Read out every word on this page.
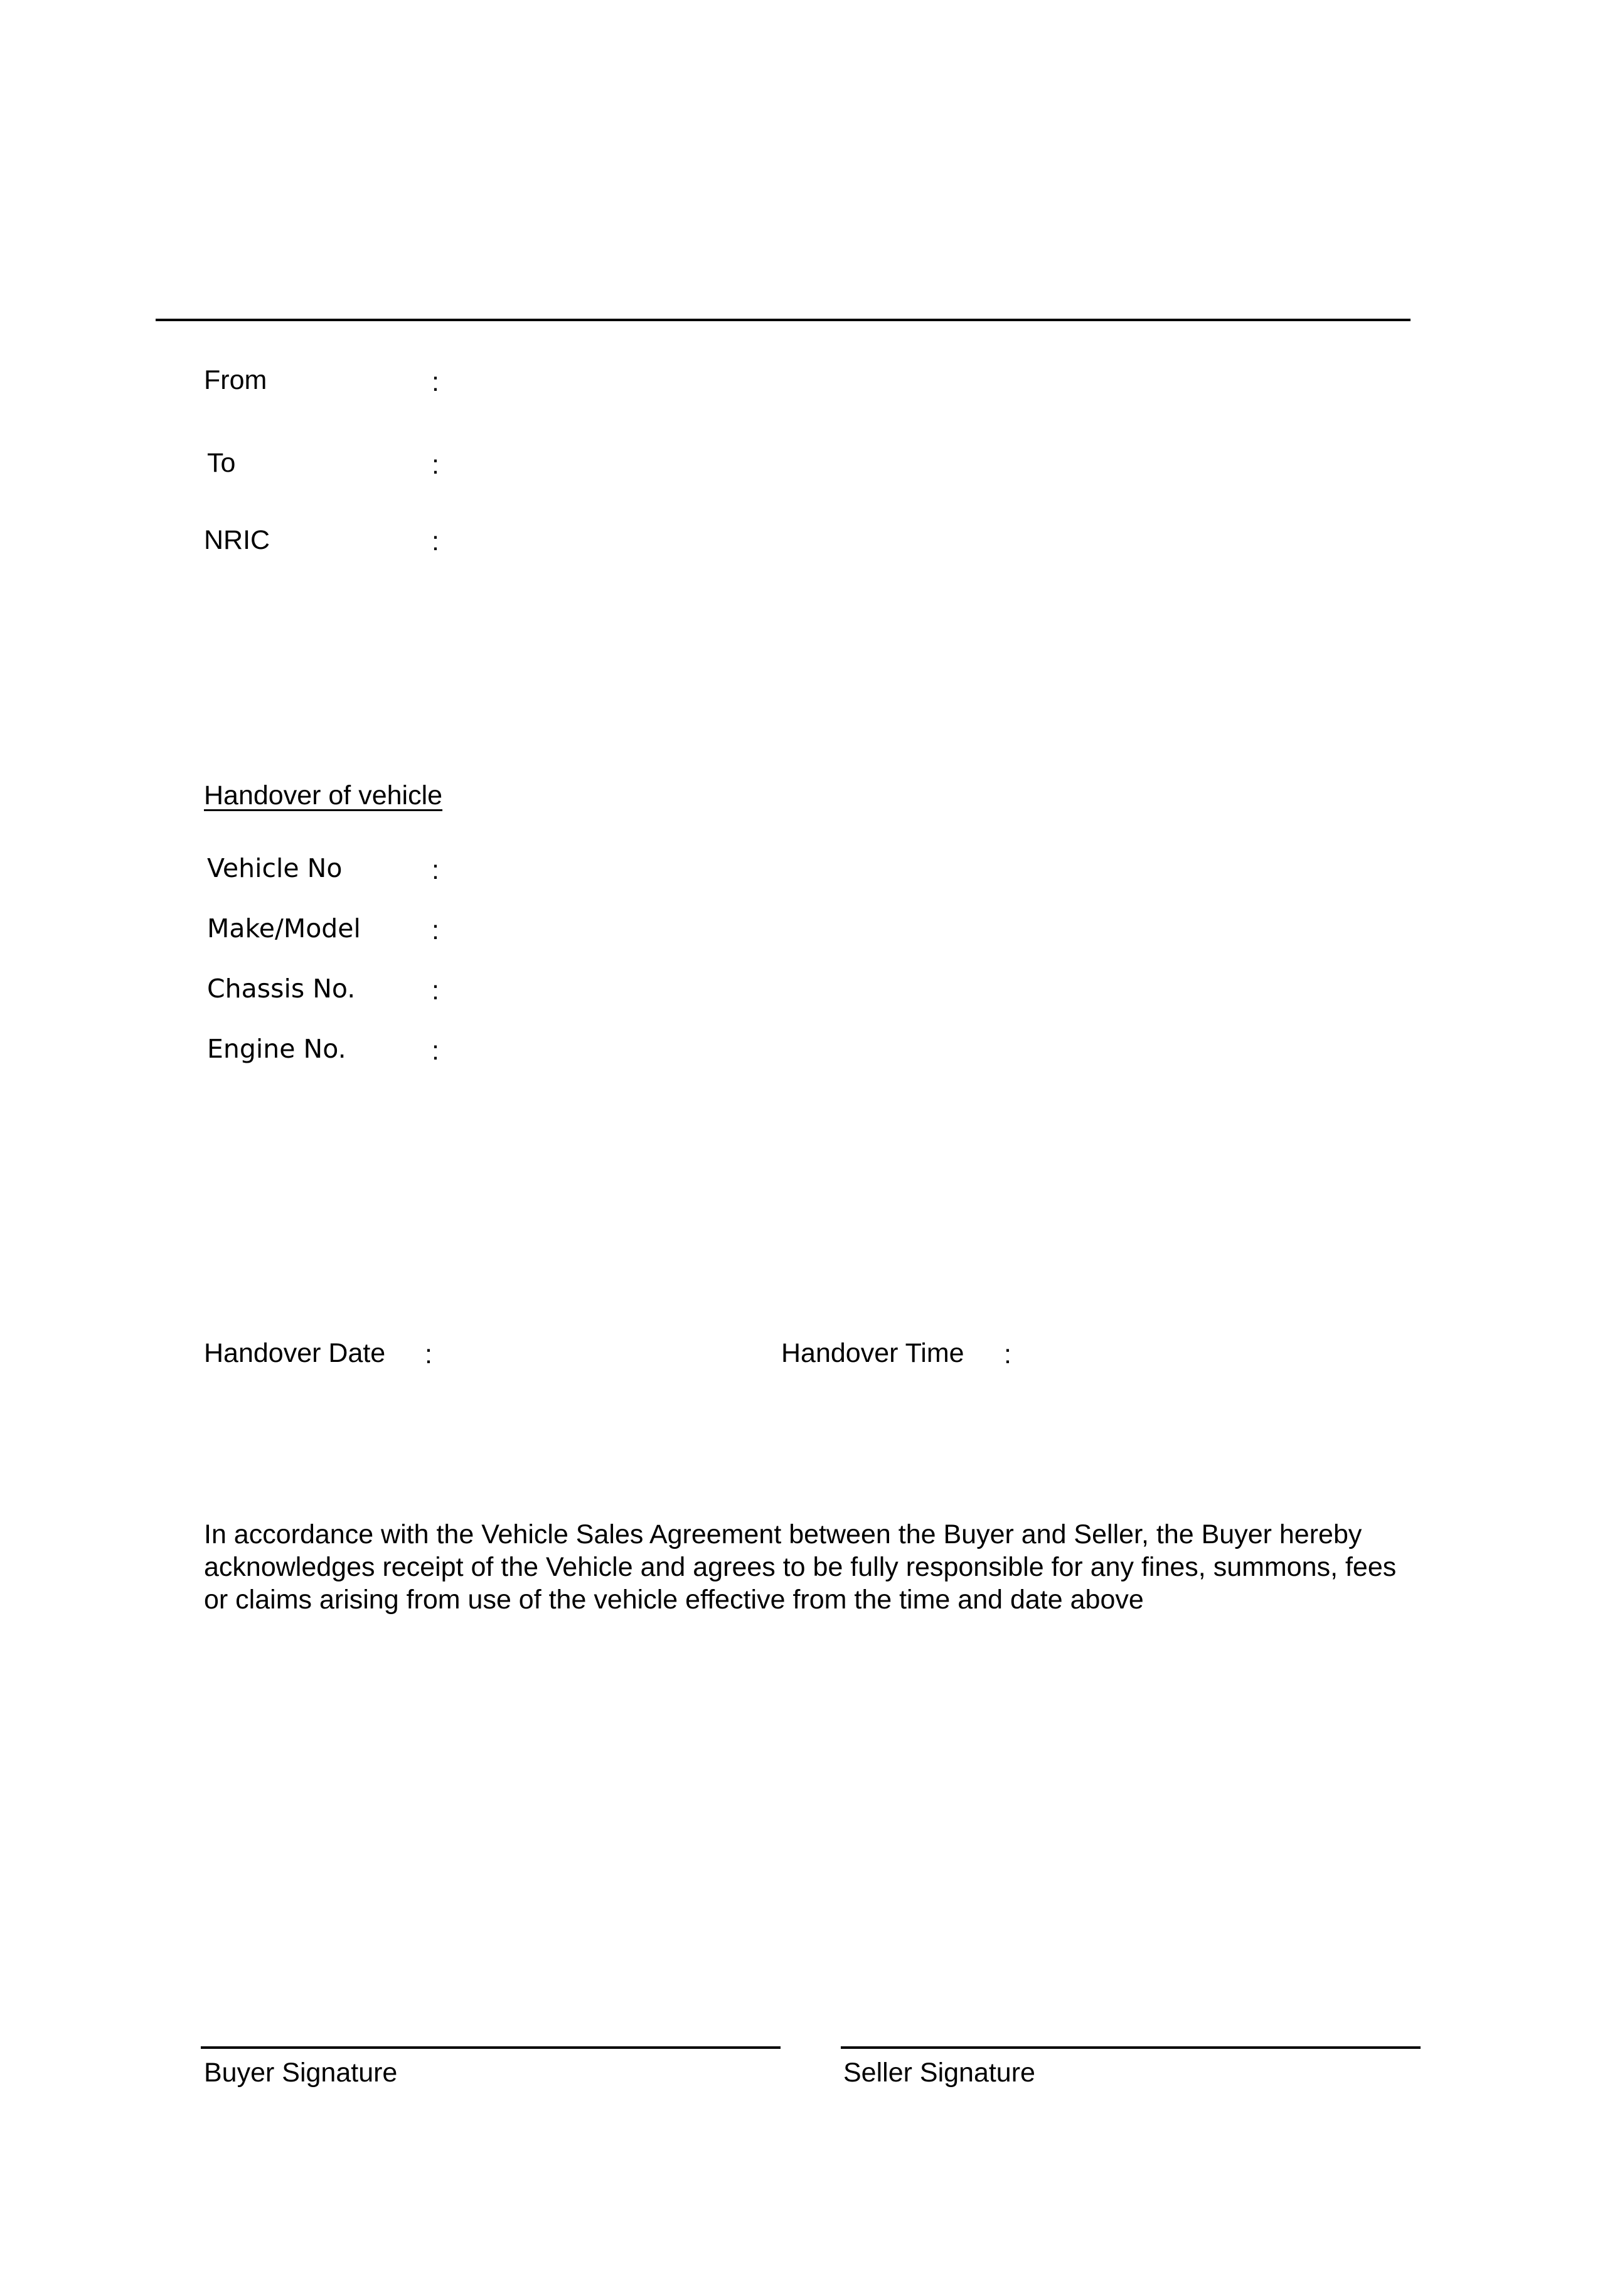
From	:
To	:
NRIC	:
Handover of vehicle
Vehicle No	:
Make/Model	:
Chassis No.	:
Engine No.	:
Handover Date :	Handover Time :
In accordance with the Vehicle Sales Agreement between the Buyer and Seller, the Buyer hereby acknowledges receipt of the Vehicle and agrees to be fully responsible for any fines, summons, fees or claims arising from use of the vehicle effective from the time and date above
Buyer Signature	Seller Signature
